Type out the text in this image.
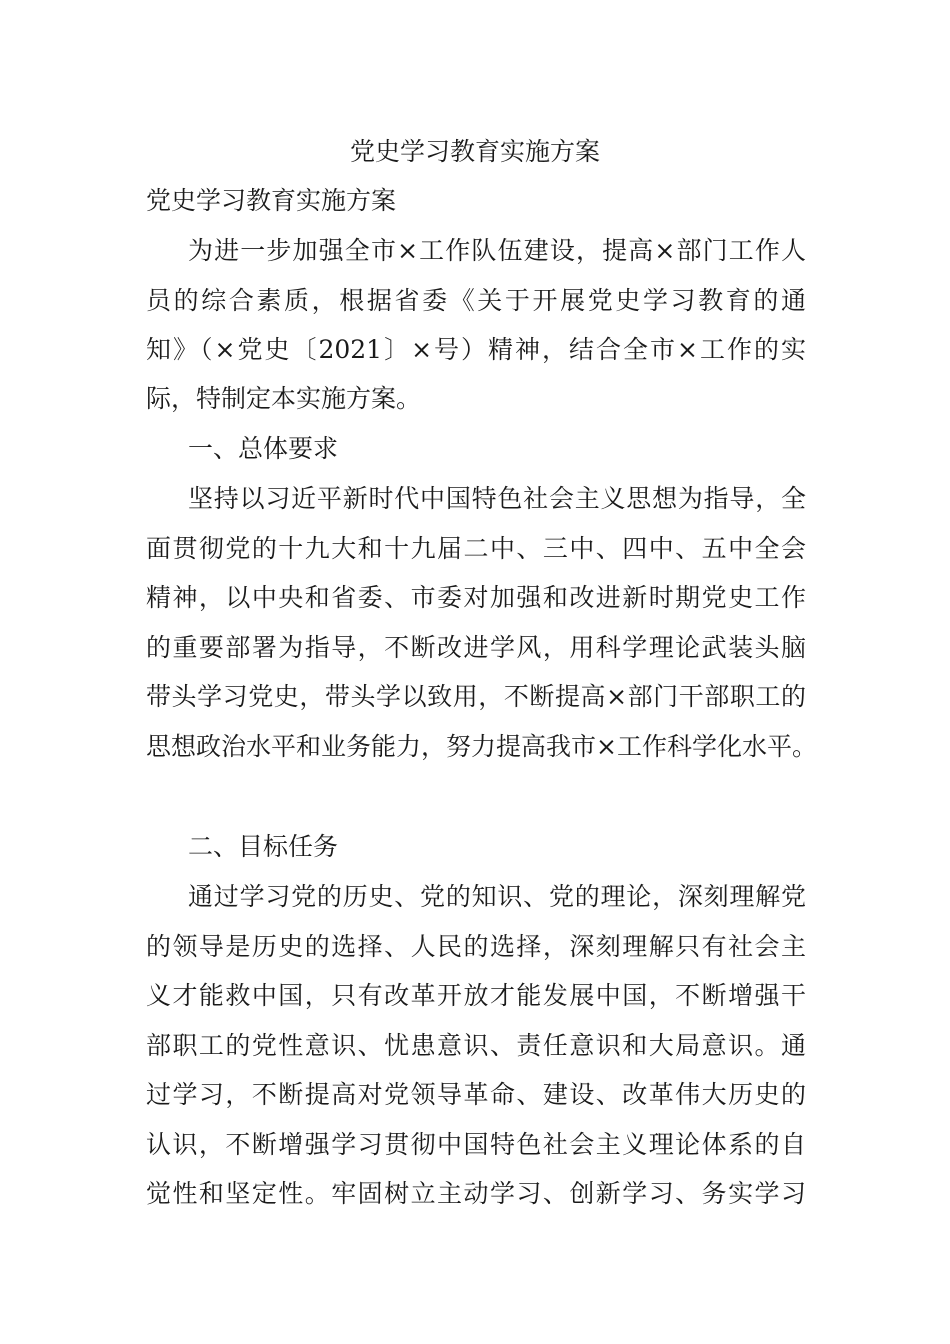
党史学习教育实施方案
党史学习教育实施方案

为进一步加强全市×工作队伍建设，提高×部门工作人

员的综合素质，根据省委《关于开展党史学习教育的通

知》（×党史〔2021〕×号）精神，结合全市×工作的实

际，特制定本实施方案。

一、总体要求

坚持以习近平新时代中国特色社会主义思想为指导，全

面贯彻党的十九大和十九届二中、三中、四中、五中全会

精神，以中央和省委、市委对加强和改进新时期党史工作

的重要部署为指导，不断改进学风，用科学理论武装头脑

带头学习党史，带头学以致用，不断提高×部门干部职工的

思想政治水平和业务能力，努力提高我市×工作科学化水平。

二、目标任务

通过学习党的历史、党的知识、党的理论，深刻理解党

的领导是历史的选择、人民的选择，深刻理解只有社会主

义才能救中国，只有改革开放才能发展中国，不断增强干

部职工的党性意识、忧患意识、责任意识和大局意识。通

过学习，不断提高对党领导革命、建设、改革伟大历史的

认识，不断增强学习贯彻中国特色社会主义理论体系的自

觉性和坚定性。牢固树立主动学习、创新学习、务实学习
